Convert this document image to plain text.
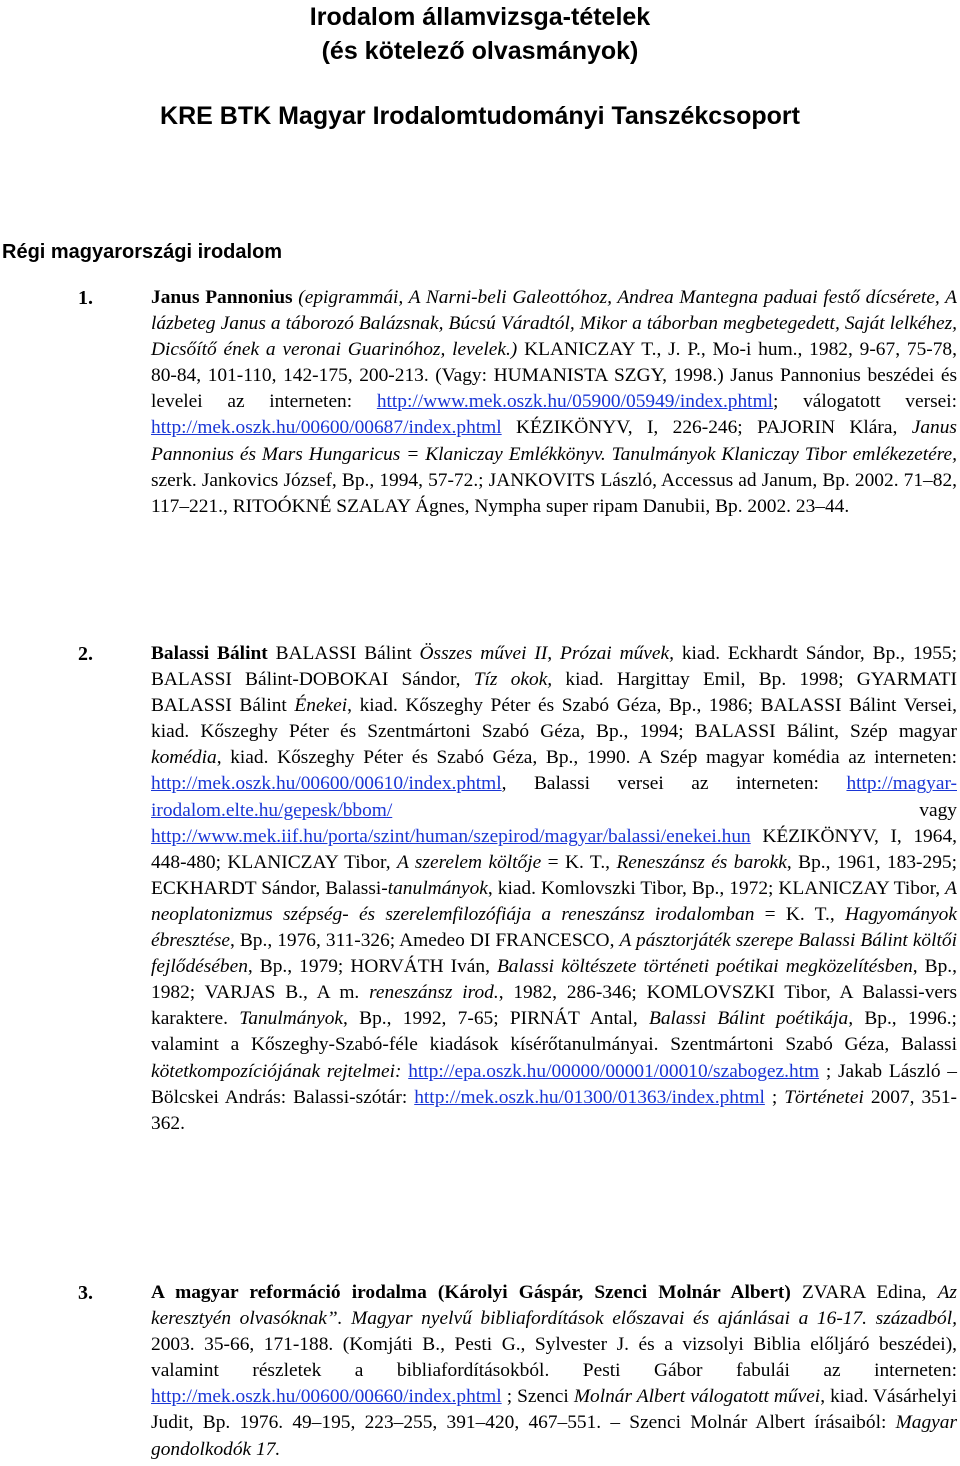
Irodalom államvizsga-tételek
(és kötelező olvasmányok)
KRE BTK Magyar Irodalomtudományi Tanszékcsoport
Régi magyarországi irodalom
1.	Janus Pannonius (epigrammái, A Narni-beli Galeottóhoz, Andrea Mantegna paduai festő dícsérete, A lázbeteg Janus a táborozó Balázsnak, Búcsú Váradtól, Mikor a táborban megbetegedett, Saját lelkéhez, Dicsőítő ének a veronai Guarinóhoz, levelek.) KLANICZAY T., J. P., Mo-i hum., 1982, 9-67, 75-78, 80-84, 101-110, 142-175, 200-213. (Vagy: HUMANISTA SZGY, 1998.) Janus Pannonius beszédei és levelei az interneten: http://www.mek.oszk.hu/05900/05949/index.phtml; válogatott versei: http://mek.oszk.hu/00600/00687/index.phtml KÉZIKÖNYV, I, 226-246; PAJORIN Klára, Janus Pannonius és Mars Hungaricus = Klaniczay Emlékkönyv. Tanulmányok Klaniczay Tibor emlékezetére, szerk. Jankovics József, Bp., 1994, 57-72.; JANKOVITS László, Accessus ad Janum, Bp. 2002. 71–82, 117–221., RITOÓKNÉ SZALAY Ágnes, Nympha super ripam Danubii, Bp. 2002. 23–44.

2.	Balassi Bálint BALASSI Bálint Összes művei II, Prózai művek, kiad. Eckhardt Sándor, Bp., 1955; BALASSI Bálint-DOBOKAI Sándor, Tíz okok, kiad. Hargittay Emil, Bp. 1998; GYARMATI BALASSI Bálint Énekei, kiad. Kőszeghy Péter és Szabó Géza, Bp., 1986; BALASSI Bálint Versei, kiad. Kőszeghy Péter és Szentmártoni Szabó Géza, Bp., 1994; BALASSI Bálint, Szép magyar komédia, kiad. Kőszeghy Péter és Szabó Géza, Bp., 1990. A Szép magyar komédia az interneten: http://mek.oszk.hu/00600/00610/index.phtml, Balassi versei az interneten: http://magyar-irodalom.elte.hu/gepesk/bbom/	vagy http://www.mek.iif.hu/porta/szint/human/szepirod/magyar/balassi/enekei.hun KÉZIKÖNYV, I, 1964, 448-480; KLANICZAY Tibor, A szerelem költője = K. T., Reneszánsz és barokk, Bp., 1961, 183-295; ECKHARDT Sándor, Balassi-tanulmányok, kiad. Komlovszki Tibor, Bp., 1972; KLANICZAY Tibor, A neoplatonizmus szépség- és szerelemfilozófiája a reneszánsz irodalomban = K. T., Hagyományok ébresztése, Bp., 1976, 311-326; Amedeo DI FRANCESCO, A pásztorjáték szerepe Balassi Bálint költői fejlődésében, Bp., 1979; HORVÁTH Iván, Balassi költészete történeti poétikai megközelítésben, Bp., 1982; VARJAS B., A m. reneszánsz irod., 1982, 286-346; KOMLOVSZKI Tibor, A Balassi-vers karaktere. Tanulmányok, Bp., 1992, 7-65; PIRNÁT Antal, Balassi Bálint poétikája, Bp., 1996.; valamint a Kőszeghy-Szabó-féle kiadások kísérőtanulmányai. Szentmártoni Szabó Géza, Balassi kötetkompozíciójának rejtelmei: http://epa.oszk.hu/00000/00001/00010/szabogez.htm ; Jakab László – Bölcskei András: Balassi-szótár: http://mek.oszk.hu/01300/01363/index.phtml ; Történetei 2007, 351-362.

3.	A magyar reformáció irodalma (Károlyi Gáspár, Szenci Molnár Albert) ZVARA Edina, Az keresztyén olvasóknak”. Magyar nyelvű bibliafordítások előszavai és ajánlásai a 16-17. századból, 2003. 35-66, 171-188. (Komjáti B., Pesti G., Sylvester J. és a vizsolyi Biblia előljáró beszédei), valamint részletek a bibliafordításokból. Pesti Gábor fabulái az interneten: http://mek.oszk.hu/00600/00660/index.phtml ; Szenci Molnár Albert válogatott művei, kiad. Vásárhelyi Judit, Bp. 1976. 49–195, 223–255, 391–420, 467–551. – Szenci Molnár Albert írásaiból: Magyar gondolkodók 17.
